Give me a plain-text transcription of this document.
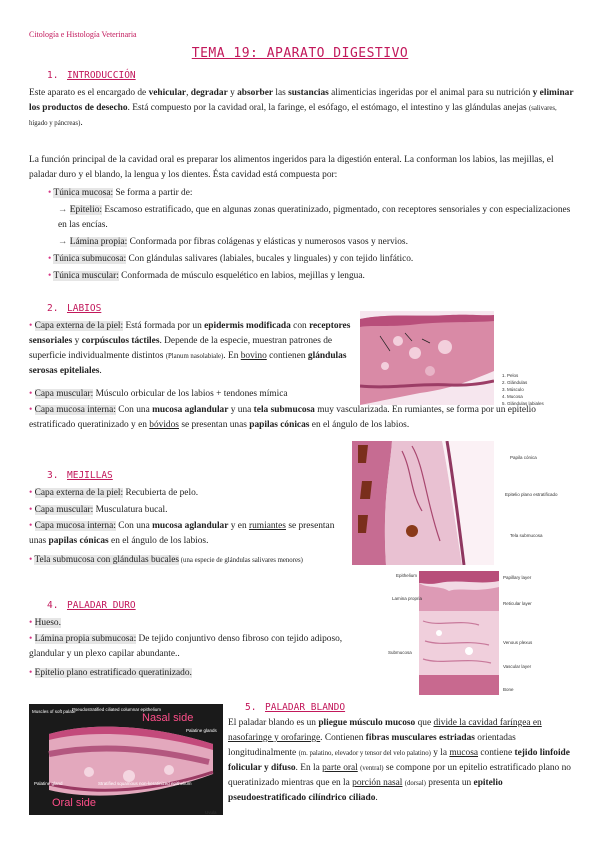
Citología e Histología Veterinaria
TEMA 19: APARATO DIGESTIVO
1. INTRODUCCIÓN

Este aparato es el encargado de vehicular, degradar y absorber las sustancias alimenticias ingeridas por el animal para su nutrición y eliminar los productos de desecho. Está compuesto por la cavidad oral, la faringe, el esófago, el estómago, el intestino y las glándulas anejas (salivares, hígado y páncreas).

La función principal de la cavidad oral es preparar los alimentos ingeridos para la digestión enteral. La conforman los labios, las mejillas, el paladar duro y el blando, la lengua y los dientes. Ésta cavidad está compuesta por:

• Túnica mucosa: Se forma a partir de:
→ Epitelio: Escamoso estratificado, que en algunas zonas queratinizado, pigmentado, con receptores sensoriales y con especializaciones en las encías.
→ Lámina propia: Conformada por fibras colágenas y elásticas y numerosos vasos y nervios.
• Túnica submucosa: Con glándulas salivares (labiales, bucales y linguales) y con tejido linfático.
• Túnica muscular: Conformada de músculo esquelético en labios, mejillas y lengua.
2. LABIOS

• Capa externa de la piel: Está formada por un epidermis modificada con receptores sensoriales y corpúsculos táctiles. Depende de la especie, muestran patrones de superficie individualmente distintos (Planum nasolabiale). En bovino contienen glándulas serosas epiteliales.

• Capa muscular: Músculo orbicular de los labios + tendones mímica

• Capa mucosa interna: Con una mucosa aglandular y una tela submucosa muy vascularizada. En rumiantes, se forma por un epitelio estratificado queratinizado y en bóvidos se presentan unas papilas cónicas en el ángulo de los labios.

1. Pelos
2. Glándulas
3. Músculo
4. Mucosa
5. Glándulas labiales
3. MEJILLAS
• Capa externa de la piel: Recubierta de pelo.
• Capa muscular: Musculatura bucal.

• Capa mucosa interna: Con una mucosa aglandular y en rumiantes se presentan unas papilas cónicas en el ángulo de los labios.

• Tela submucosa con glándulas bucales (una especie de glándulas salivares menores)
Papila cónica
Epitelio plano estratificado
Tela submucosa
4. PALADAR DURO
• Hueso.

• Lámina propia submucosa: De tejido conjuntivo denso fibroso con tejido adiposo, glandular y un plexo capilar abundante..

• Epitelio plano estratificado queratinizado.
Epithelium
Lamina propria
Submucosa
Papillary layer
Reticular layer
Venous plexus
Vascular layer
Bone
5. PALADAR BLANDO

El paladar blando es un pliegue músculo mucoso que divide la cavidad faríngea en nasofaringe y orofaringe. Contienen fibras musculares estriadas orientadas longitudinalmente (m. palatino, elevador y tensor del velo palatino) y la mucosa contiene tejido linfoide folicular y difuso. En la parte oral (ventral) se compone por un epitelio estratificado plano no queratinizado mientras que en la porción nasal (dorsal) presenta un epitelio pseudoestratificado cilíndrico ciliado.

Muscles of soft palate
Pseudostratified ciliated columnar epithelium
Nasal side
Palatine glands
Palatine gland	Stratified squamous non-keratinized epithelium
Oral side
Uvula
